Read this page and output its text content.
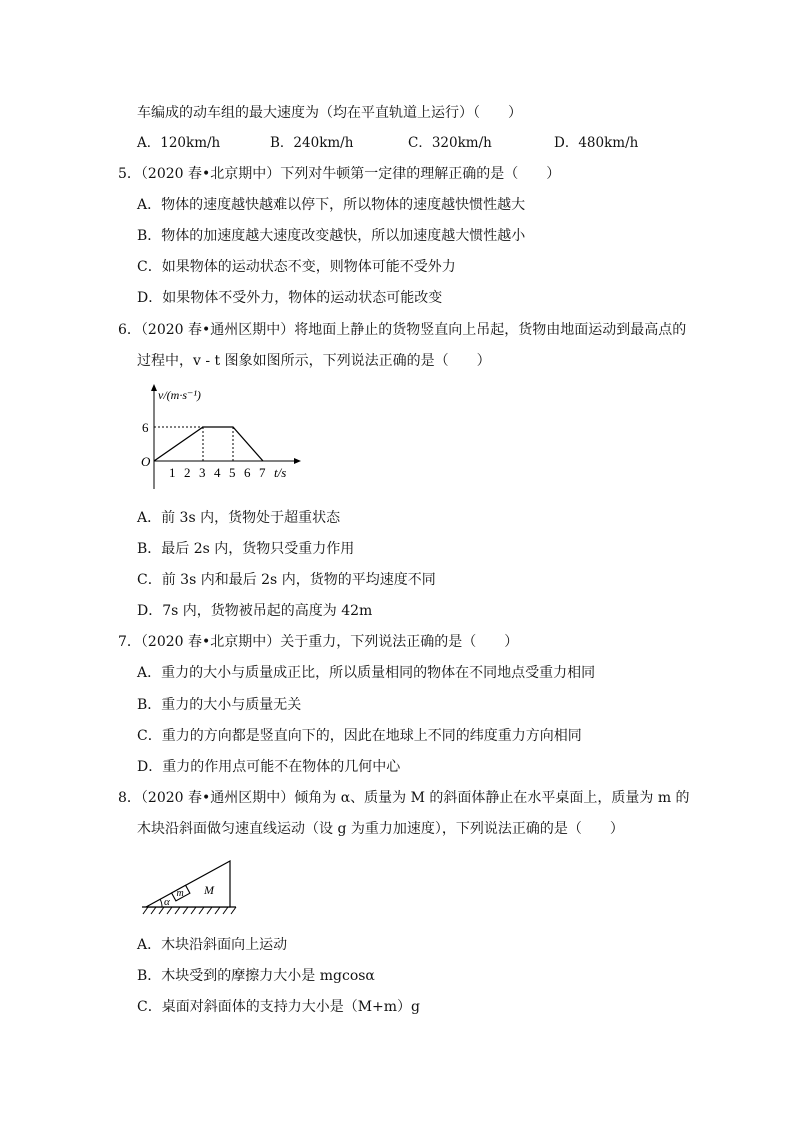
车编成的动车组的最大速度为（均在平直轨道上运行）（　　）
A．120km/h	B．240km/h	C．320km/h	D．480km/h
5．（2020 春•北京期中）下列对牛顿第一定律的理解正确的是（　　）
A．物体的速度越快越难以停下，所以物体的速度越快惯性越大
B．物体的加速度越大速度改变越快，所以加速度越大惯性越小
C．如果物体的运动状态不变，则物体可能不受外力
D．如果物体不受外力，物体的运动状态可能改变
6．（2020 春•通州区期中）将地面上静止的货物竖直向上吊起，货物由地面运动到最高点的
过程中，v - t 图象如图所示，下列说法正确的是（　　）
v/(m·s⁻¹)
6
O
1 2 3 4 5 6 7 t/s
A．前 3s 内，货物处于超重状态
B．最后 2s 内，货物只受重力作用
C．前 3s 内和最后 2s 内，货物的平均速度不同
D．7s 内，货物被吊起的高度为 42m
7．（2020 春•北京期中）关于重力，下列说法正确的是（　　）
A．重力的大小与质量成正比，所以质量相同的物体在不同地点受重力相同
B．重力的大小与质量无关
C．重力的方向都是竖直向下的，因此在地球上不同的纬度重力方向相同
D．重力的作用点可能不在物体的几何中心
8．（2020 春•通州区期中）倾角为 α、质量为 M 的斜面体静止在水平桌面上，质量为 m 的
木块沿斜面做匀速直线运动（设 g 为重力加速度），下列说法正确的是（　　）
m M
α
A．木块沿斜面向上运动
B．木块受到的摩擦力大小是 mgcosα
C．桌面对斜面体的支持力大小是（M+m）g
